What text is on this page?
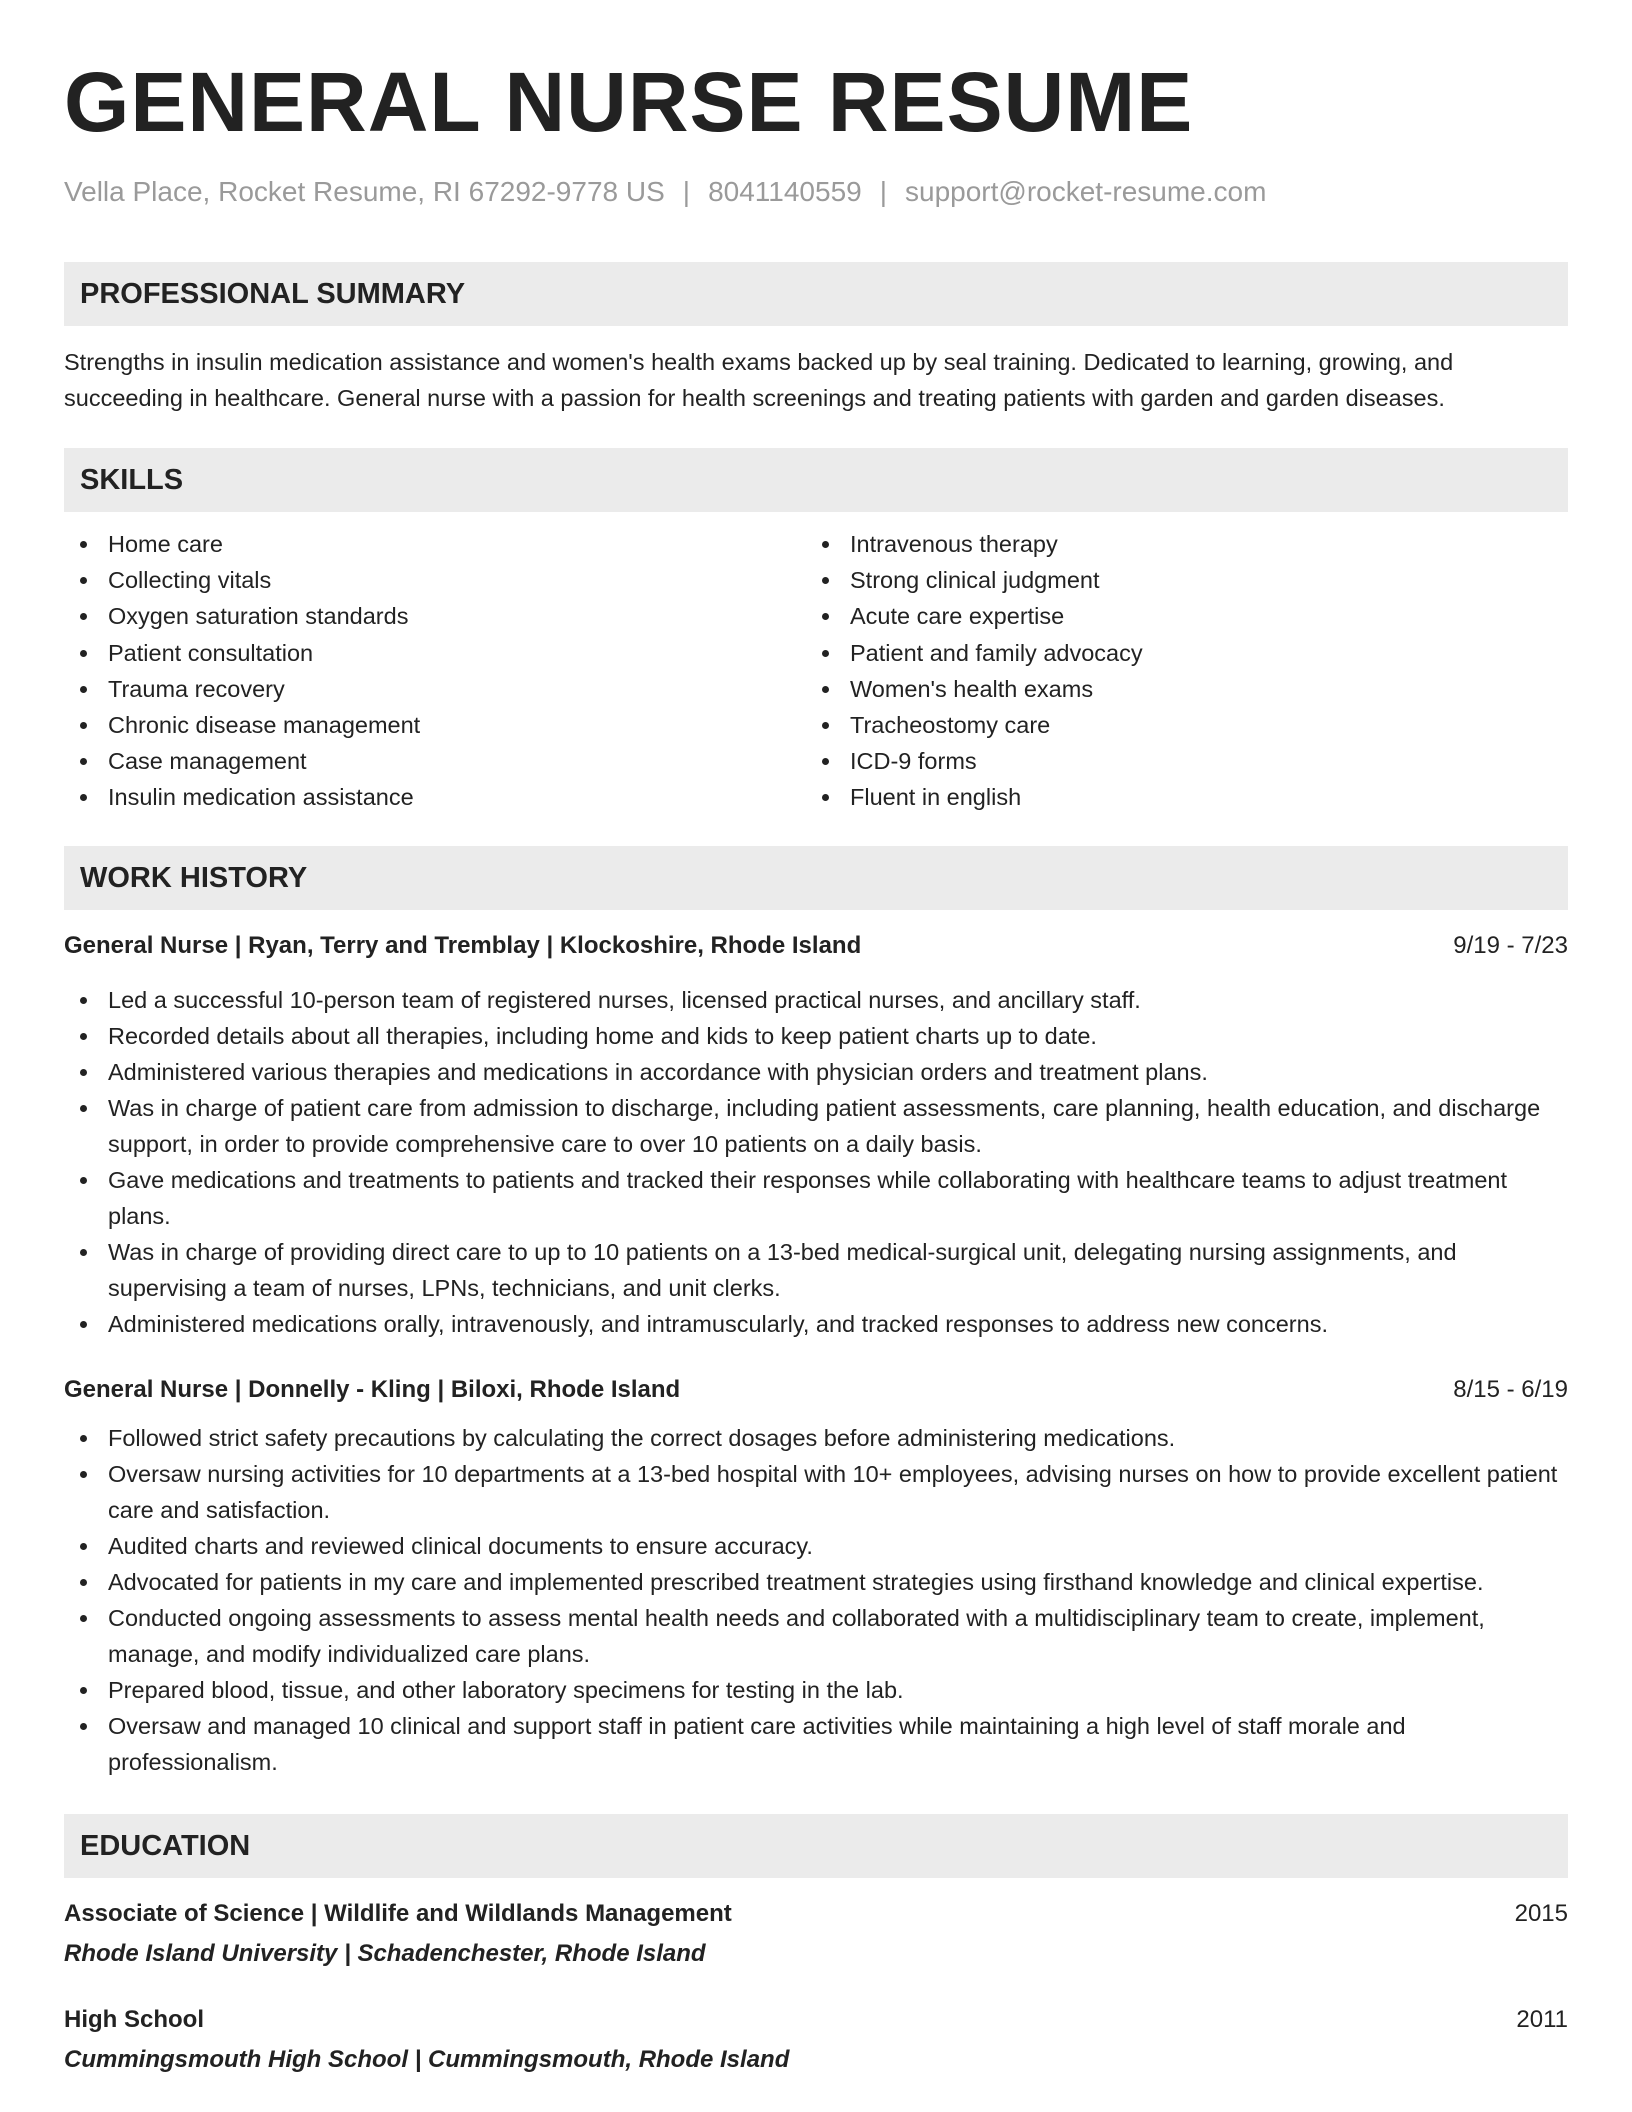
GENERAL NURSE RESUME
Vella Place, Rocket Resume, RI 67292-9778 US | 8041140559 | support@rocket-resume.com
PROFESSIONAL SUMMARY
Strengths in insulin medication assistance and women's health exams backed up by seal training. Dedicated to learning, growing, and succeeding in healthcare. General nurse with a passion for health screenings and treating patients with garden and garden diseases.
SKILLS
Home care
Collecting vitals
Oxygen saturation standards
Patient consultation
Trauma recovery
Chronic disease management
Case management
Insulin medication assistance
Intravenous therapy
Strong clinical judgment
Acute care expertise
Patient and family advocacy
Women's health exams
Tracheostomy care
ICD-9 forms
Fluent in english
WORK HISTORY
General Nurse | Ryan, Terry and Tremblay | Klockoshire, Rhode Island	9/19 - 7/23
Led a successful 10-person team of registered nurses, licensed practical nurses, and ancillary staff.
Recorded details about all therapies, including home and kids to keep patient charts up to date.
Administered various therapies and medications in accordance with physician orders and treatment plans.
Was in charge of patient care from admission to discharge, including patient assessments, care planning, health education, and discharge support, in order to provide comprehensive care to over 10 patients on a daily basis.
Gave medications and treatments to patients and tracked their responses while collaborating with healthcare teams to adjust treatment plans.
Was in charge of providing direct care to up to 10 patients on a 13-bed medical-surgical unit, delegating nursing assignments, and supervising a team of nurses, LPNs, technicians, and unit clerks.
Administered medications orally, intravenously, and intramuscularly, and tracked responses to address new concerns.
General Nurse | Donnelly - Kling | Biloxi, Rhode Island	8/15 - 6/19
Followed strict safety precautions by calculating the correct dosages before administering medications.
Oversaw nursing activities for 10 departments at a 13-bed hospital with 10+ employees, advising nurses on how to provide excellent patient care and satisfaction.
Audited charts and reviewed clinical documents to ensure accuracy.
Advocated for patients in my care and implemented prescribed treatment strategies using firsthand knowledge and clinical expertise.
Conducted ongoing assessments to assess mental health needs and collaborated with a multidisciplinary team to create, implement, manage, and modify individualized care plans.
Prepared blood, tissue, and other laboratory specimens for testing in the lab.
Oversaw and managed 10 clinical and support staff in patient care activities while maintaining a high level of staff morale and professionalism.
EDUCATION
Associate of Science | Wildlife and Wildlands Management	2015
Rhode Island University | Schadenchester, Rhode Island
High School	2011
Cummingsmouth High School | Cummingsmouth, Rhode Island
